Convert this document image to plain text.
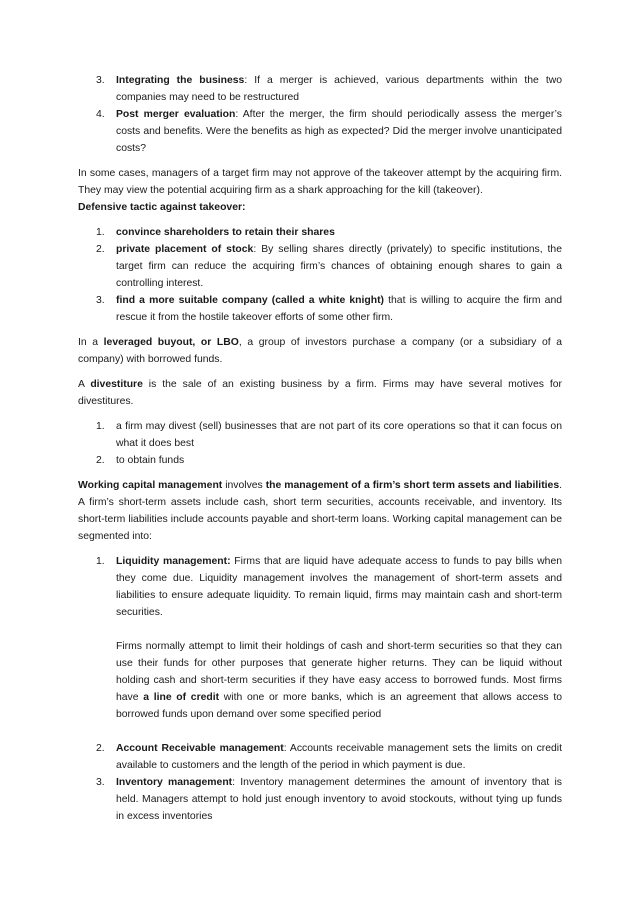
3. Integrating the business: If a merger is achieved, various departments within the two companies may need to be restructured
4. Post merger evaluation: After the merger, the firm should periodically assess the merger’s costs and benefits. Were the benefits as high as expected? Did the merger involve unanticipated costs?

In some cases, managers of a target firm may not approve of the takeover attempt by the acquiring firm. They may view the potential acquiring firm as a shark approaching for the kill (takeover).
Defensive tactic against takeover:

1. convince shareholders to retain their shares
2. private placement of stock: By selling shares directly (privately) to specific institutions, the target firm can reduce the acquiring firm’s chances of obtaining enough shares to gain a controlling interest.
3. find a more suitable company (called a white knight) that is willing to acquire the firm and rescue it from the hostile takeover efforts of some other firm.

In a leveraged buyout, or LBO, a group of investors purchase a company (or a subsidiary of a company) with borrowed funds.

A divestiture is the sale of an existing business by a firm. Firms may have several motives for divestitures.

1. a firm may divest (sell) businesses that are not part of its core operations so that it can focus on what it does best
2. to obtain funds

Working capital management involves the management of a firm’s short term assets and liabilities. A firm’s short-term assets include cash, short term securities, accounts receivable, and inventory. Its short-term liabilities include accounts payable and short-term loans. Working capital management can be segmented into:

1. Liquidity management: Firms that are liquid have adequate access to funds to pay bills when they come due. Liquidity management involves the management of short-term assets and liabilities to ensure adequate liquidity. To remain liquid, firms may maintain cash and short-term securities.
Firms normally attempt to limit their holdings of cash and short-term securities so that they can use their funds for other purposes that generate higher returns. They can be liquid without holding cash and short-term securities if they have easy access to borrowed funds. Most firms have a line of credit with one or more banks, which is an agreement that allows access to borrowed funds upon demand over some specified period
2. Account Receivable management: Accounts receivable management sets the limits on credit available to customers and the length of the period in which payment is due.
3. Inventory management: Inventory management determines the amount of inventory that is held. Managers attempt to hold just enough inventory to avoid stockouts, without tying up funds in excess inventories
